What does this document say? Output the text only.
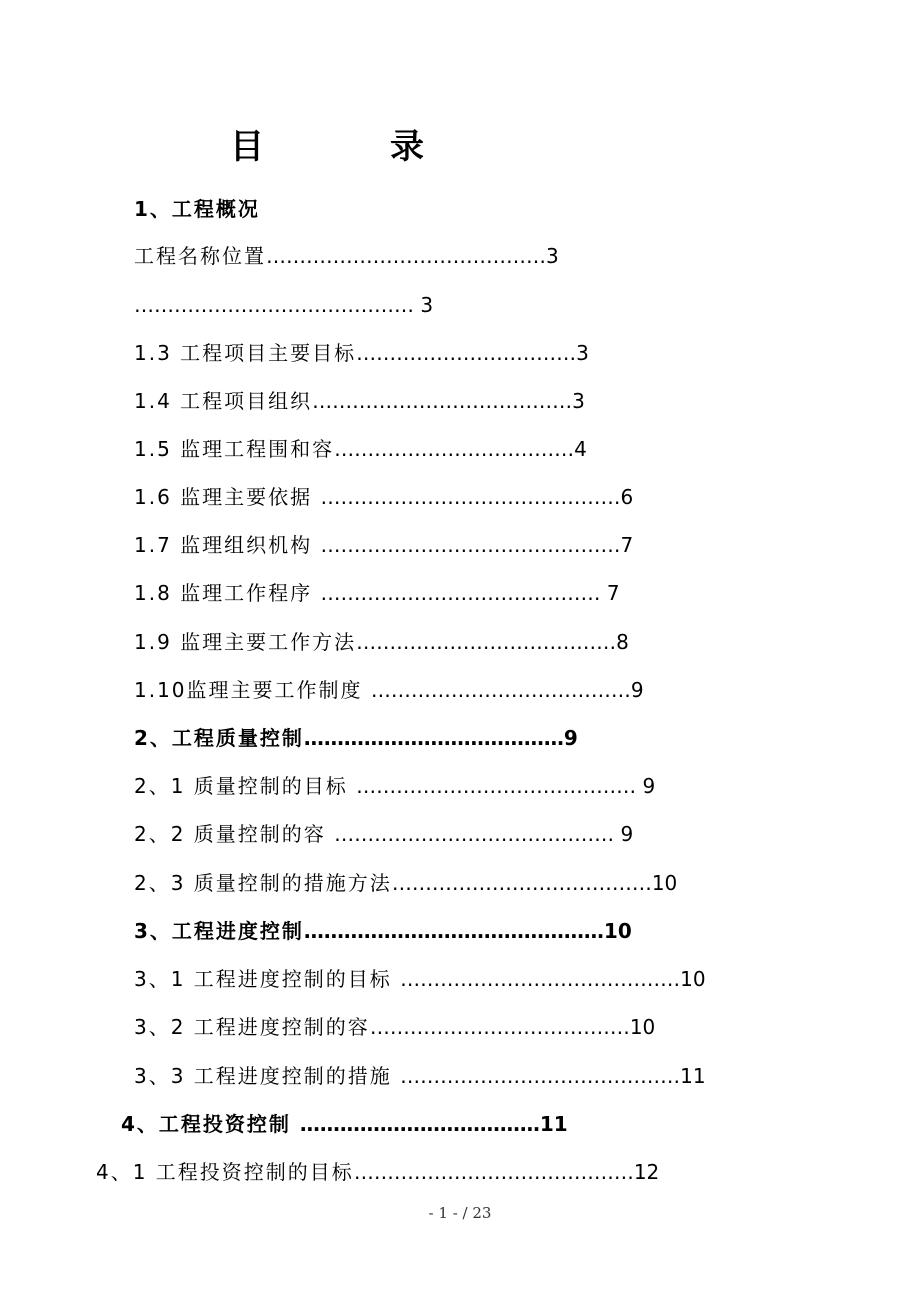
目	录
1、工程概况
工程名称位置……………………………………3
…………………………………… 3
1.3 工程项目主要目标……………………………3
1.4 工程项目组织…………………………………3
1.5 监理工程围和容………………………………4
1.6 监理主要依据 ………………………………………6
1.7 监理组织机构 ………………………………………7
1.8 监理工作程序 …………………………………… 7
1.9 监理主要工作方法…………………………………8
1.10监理主要工作制度 …………………………………9
2、工程质量控制…………………………………9
2、1 质量控制的目标 …………………………………… 9
2、2 质量控制的容 …………………………………… 9
2、3 质量控制的措施方法…………………………………10
3、工程进度控制………………………………………10
3、1 工程进度控制的目标 ……………………………………10
3、2 工程进度控制的容…………………………………10
3、3 工程进度控制的措施 ……………………………………11
4、工程投资控制 ………………………………11
4、1 工程投资控制的目标……………………………………12
- 1 - / 23
